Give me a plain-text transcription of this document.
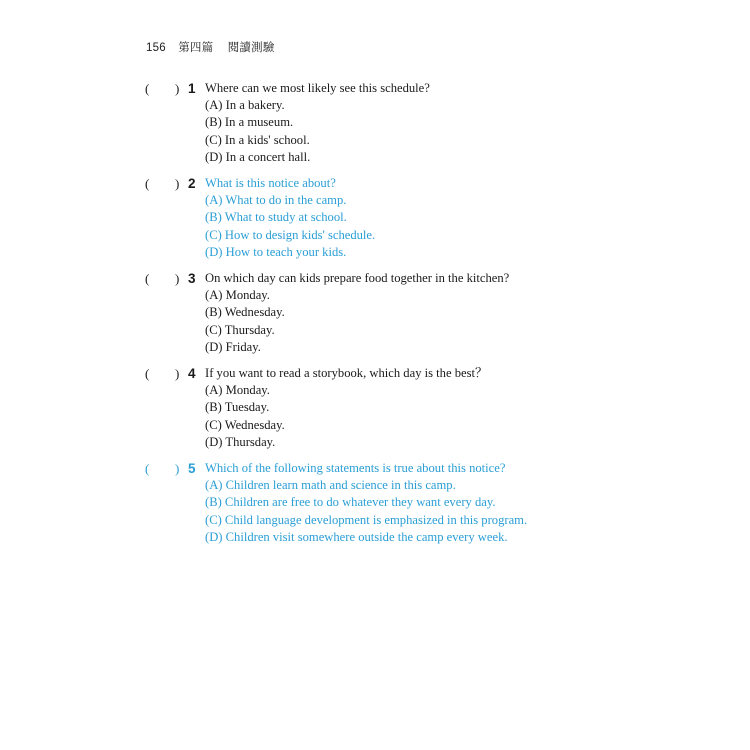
156 第四篇 閱讀測驗
( ) 1 Where can we most likely see this schedule?
(A) In a bakery.
(B) In a museum.
(C) In a kids' school.
(D) In a concert hall.
( ) 2 What is this notice about?
(A) What to do in the camp.
(B) What to study at school.
(C) How to design kids' schedule.
(D) How to teach your kids.
( ) 3 On which day can kids prepare food together in the kitchen?
(A) Monday.
(B) Wednesday.
(C) Thursday.
(D) Friday.
( ) 4 If you want to read a storybook, which day is the best？
(A) Monday.
(B) Tuesday.
(C) Wednesday.
(D) Thursday.
( ) 5 Which of the following statements is true about this notice?
(A) Children learn math and science in this camp.
(B) Children are free to do whatever they want every day.
(C) Child language development is emphasized in this program.
(D) Children visit somewhere outside the camp every week.
